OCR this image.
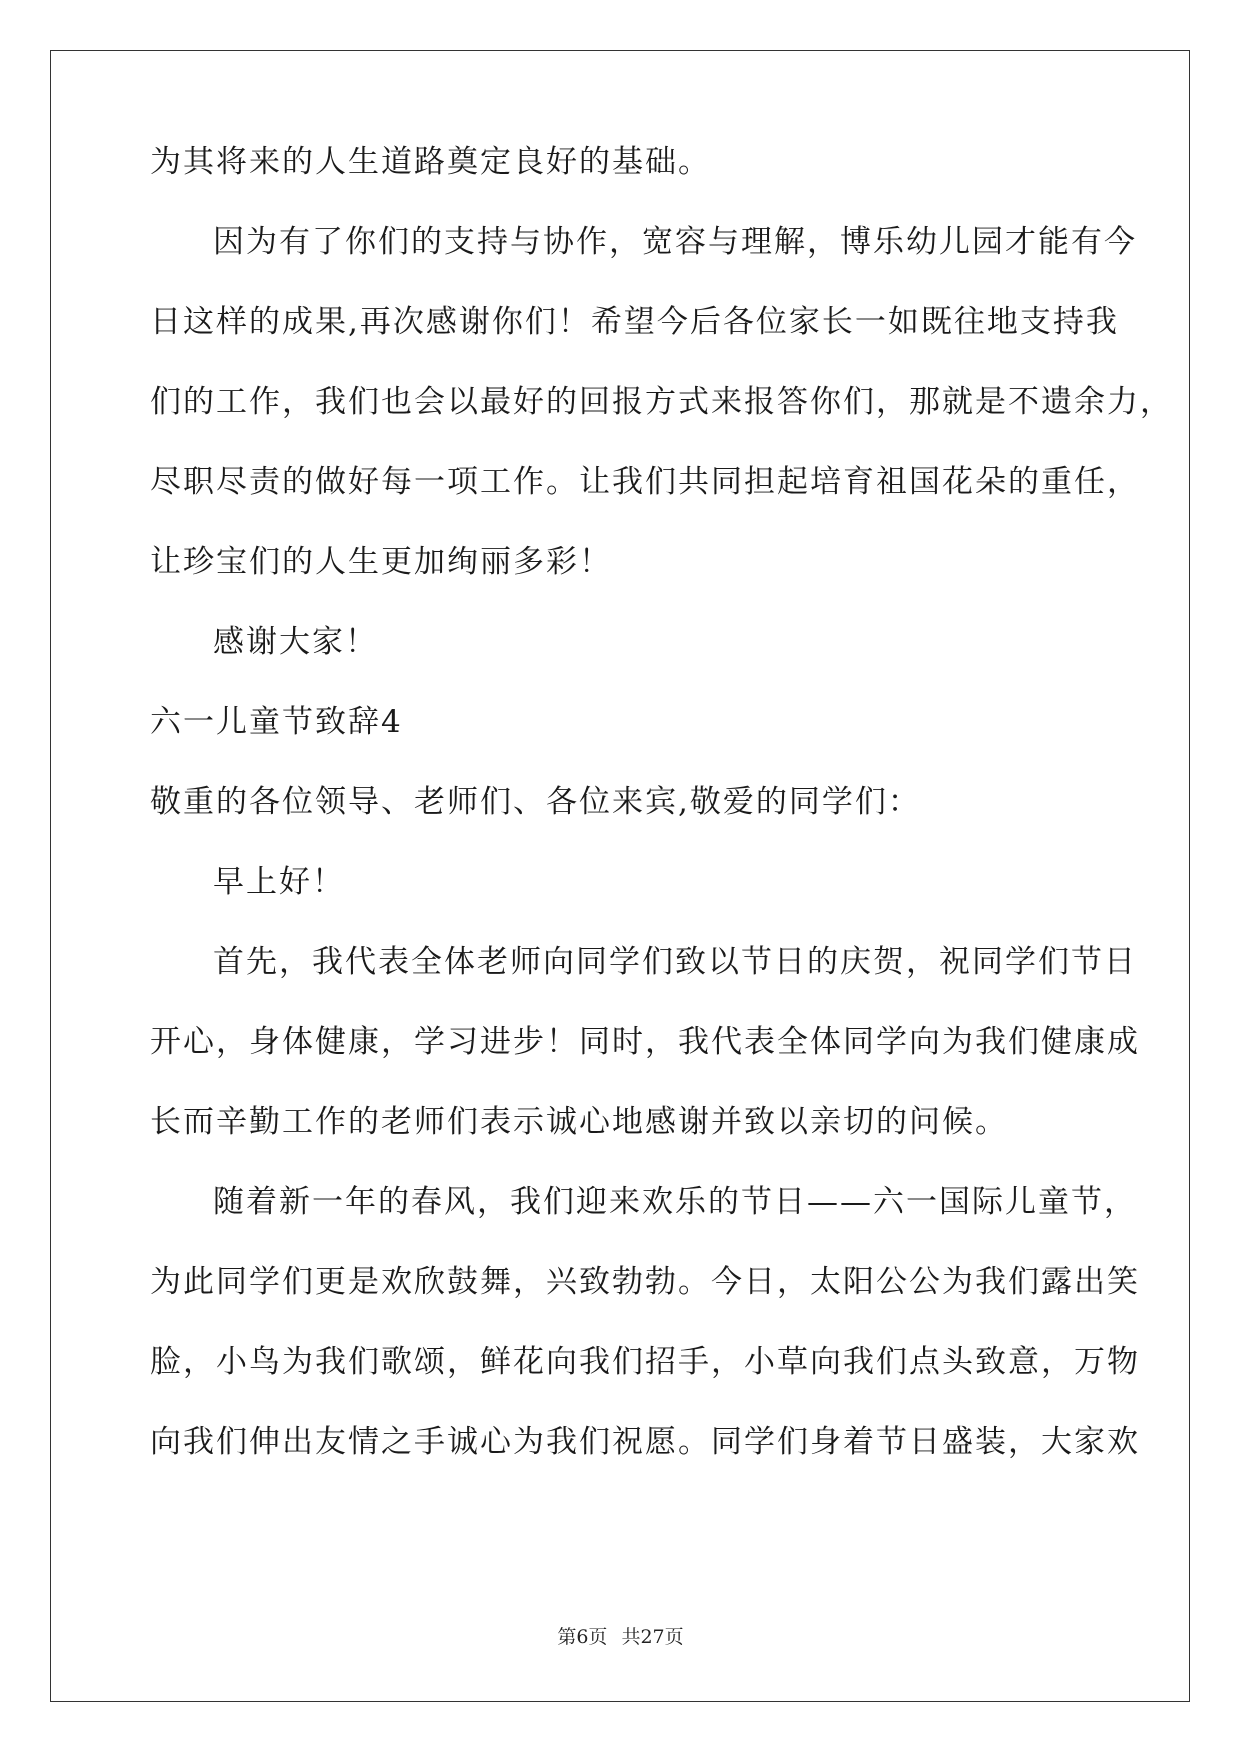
为其将来的人生道路奠定良好的基础。
因为有了你们的支持与协作，宽容与理解，博乐幼儿园才能有今
日这样的成果,再次感谢你们！希望今后各位家长一如既往地支持我
们的工作，我们也会以最好的回报方式来报答你们，那就是不遗余力，
尽职尽责的做好每一项工作。让我们共同担起培育祖国花朵的重任，
让珍宝们的人生更加绚丽多彩！
感谢大家！
六一儿童节致辞4
敬重的各位领导、老师们、各位来宾,敬爱的同学们：
早上好！
首先，我代表全体老师向同学们致以节日的庆贺，祝同学们节日
开心，身体健康，学习进步！同时，我代表全体同学向为我们健康成
长而辛勤工作的老师们表示诚心地感谢并致以亲切的问候。
随着新一年的春风，我们迎来欢乐的节日——六一国际儿童节，
为此同学们更是欢欣鼓舞，兴致勃勃。今日，太阳公公为我们露出笑
脸，小鸟为我们歌颂，鲜花向我们招手，小草向我们点头致意，万物
向我们伸出友情之手诚心为我们祝愿。同学们身着节日盛装，大家欢
第6页 共27页
